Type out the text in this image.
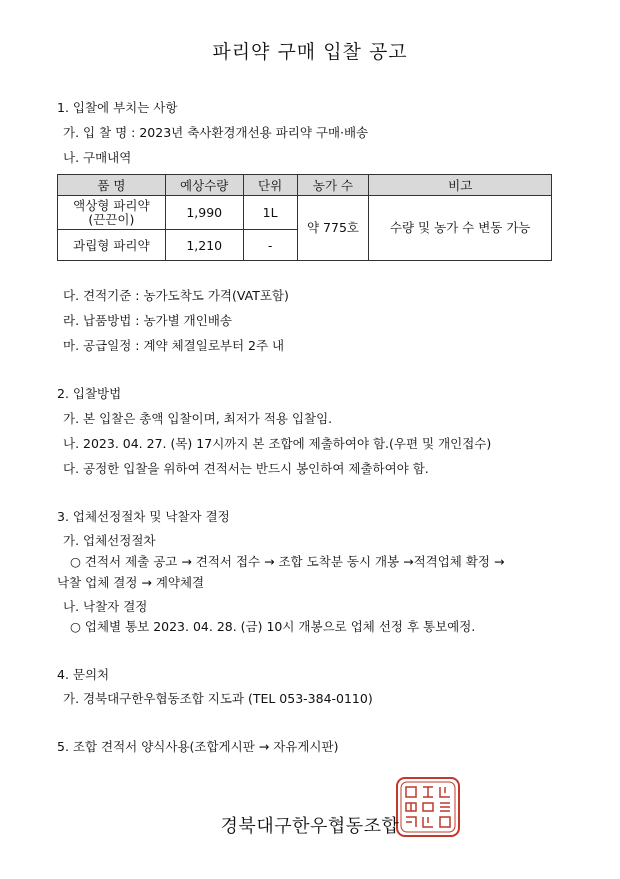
파리약 구매 입찰 공고
1. 입찰에 부치는 사항
가. 입 찰 명 : 2023년 축사환경개선용 파리약 구매·배송
나. 구매내역
품 명	예상수량	단위	농가 수	비고
액상형 파리약
(끈끈이)	1,990	1L	약 775호	수량 및 농가 수 변동 가능
과립형 파리약	1,210	-		
다. 견적기준 : 농가도착도 가격(VAT포함)
라. 납품방법 : 농가별 개인배송
마. 공급일정 : 계약 체결일로부터 2주 내
2. 입찰방법
가. 본 입찰은 총액 입찰이며, 최저가 적용 입찰임.
나. 2023. 04. 27. (목) 17시까지 본 조합에 제출하여야 함.(우편 및 개인접수)
다. 공정한 입찰을 위하여 견적서는 반드시 봉인하여 제출하여야 함.
3. 업체선정절차 및 낙찰자 결정
가. 업체선정절차
○ 견적서 제출 공고 → 견적서 접수 → 조합 도착분 동시 개봉 →적격업체 확정 →
낙찰 업체 결정 → 계약체결
나. 낙찰자 결정
○ 업체별 통보 2023. 04. 28. (금) 10시 개봉으로 업체 선정 후 통보예정.
4. 문의처
가. 경북대구한우협동조합 지도과 (TEL 053-384-0110)
5. 조합 견적서 양식사용(조합게시판 → 자유게시판)
경북대구한우협동조합
